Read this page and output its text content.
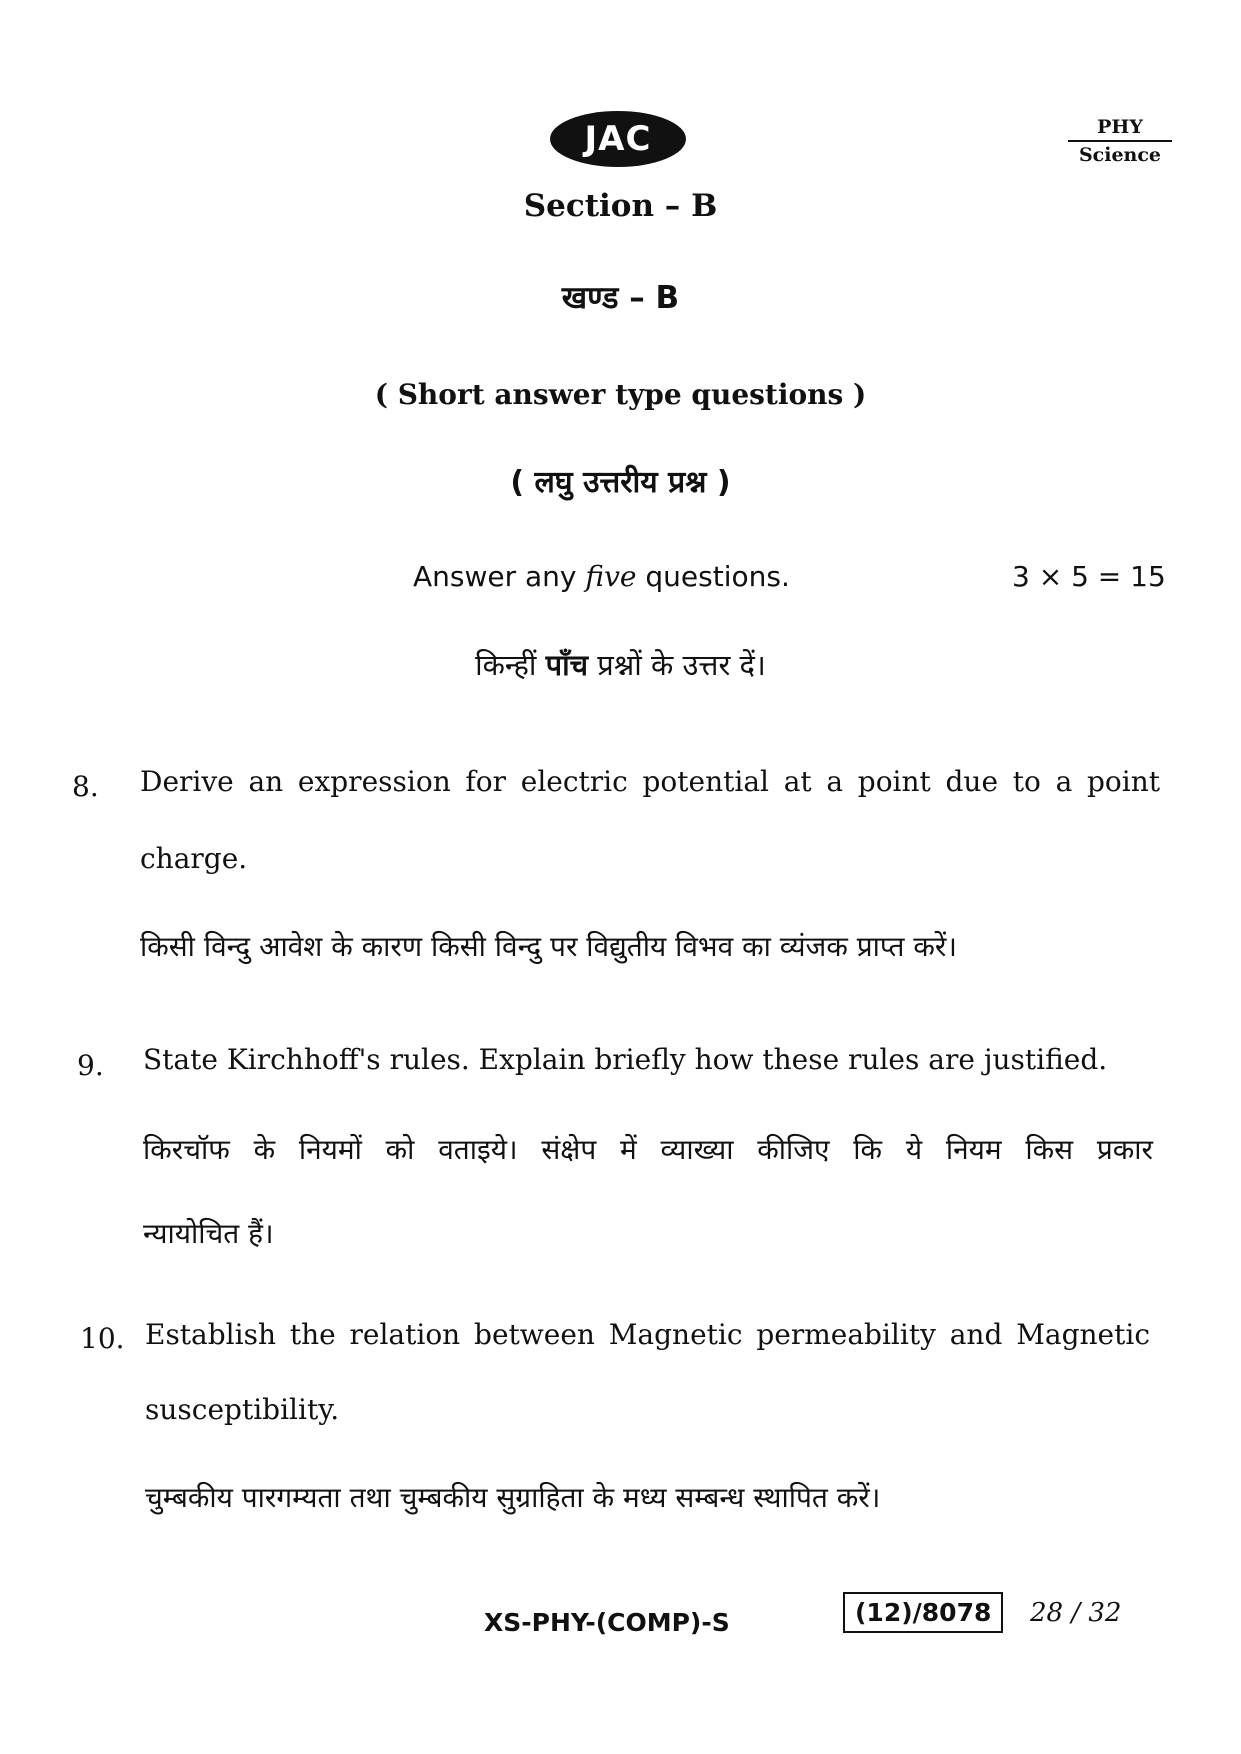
JAC	PHY
Science
Section – B
खण्ड – B
( Short answer type questions )
( लघु उत्तरीय प्रश्न )
Answer any five questions.	3 × 5 = 15
किन्हीं पाँच प्रश्नों के उत्तर दें।
8. Derive an expression for electric potential at a point due to a point
charge.
किसी विन्दु आवेश के कारण किसी विन्दु पर विद्युतीय विभव का व्यंजक प्राप्त करें।
9. State Kirchhoff's rules. Explain briefly how these rules are justified.
किरचॉफ के नियमों को वताइये। संक्षेप में व्याख्या कीजिए कि ये नियम किस प्रकार
न्यायोचित हैं।
10. Establish the relation between Magnetic permeability and Magnetic
susceptibility.
चुम्बकीय पारगम्यता तथा चुम्बकीय सुग्राहिता के मध्य सम्बन्ध स्थापित करें।
XS-PHY-(COMP)-S	(12)/8078	28 / 32
